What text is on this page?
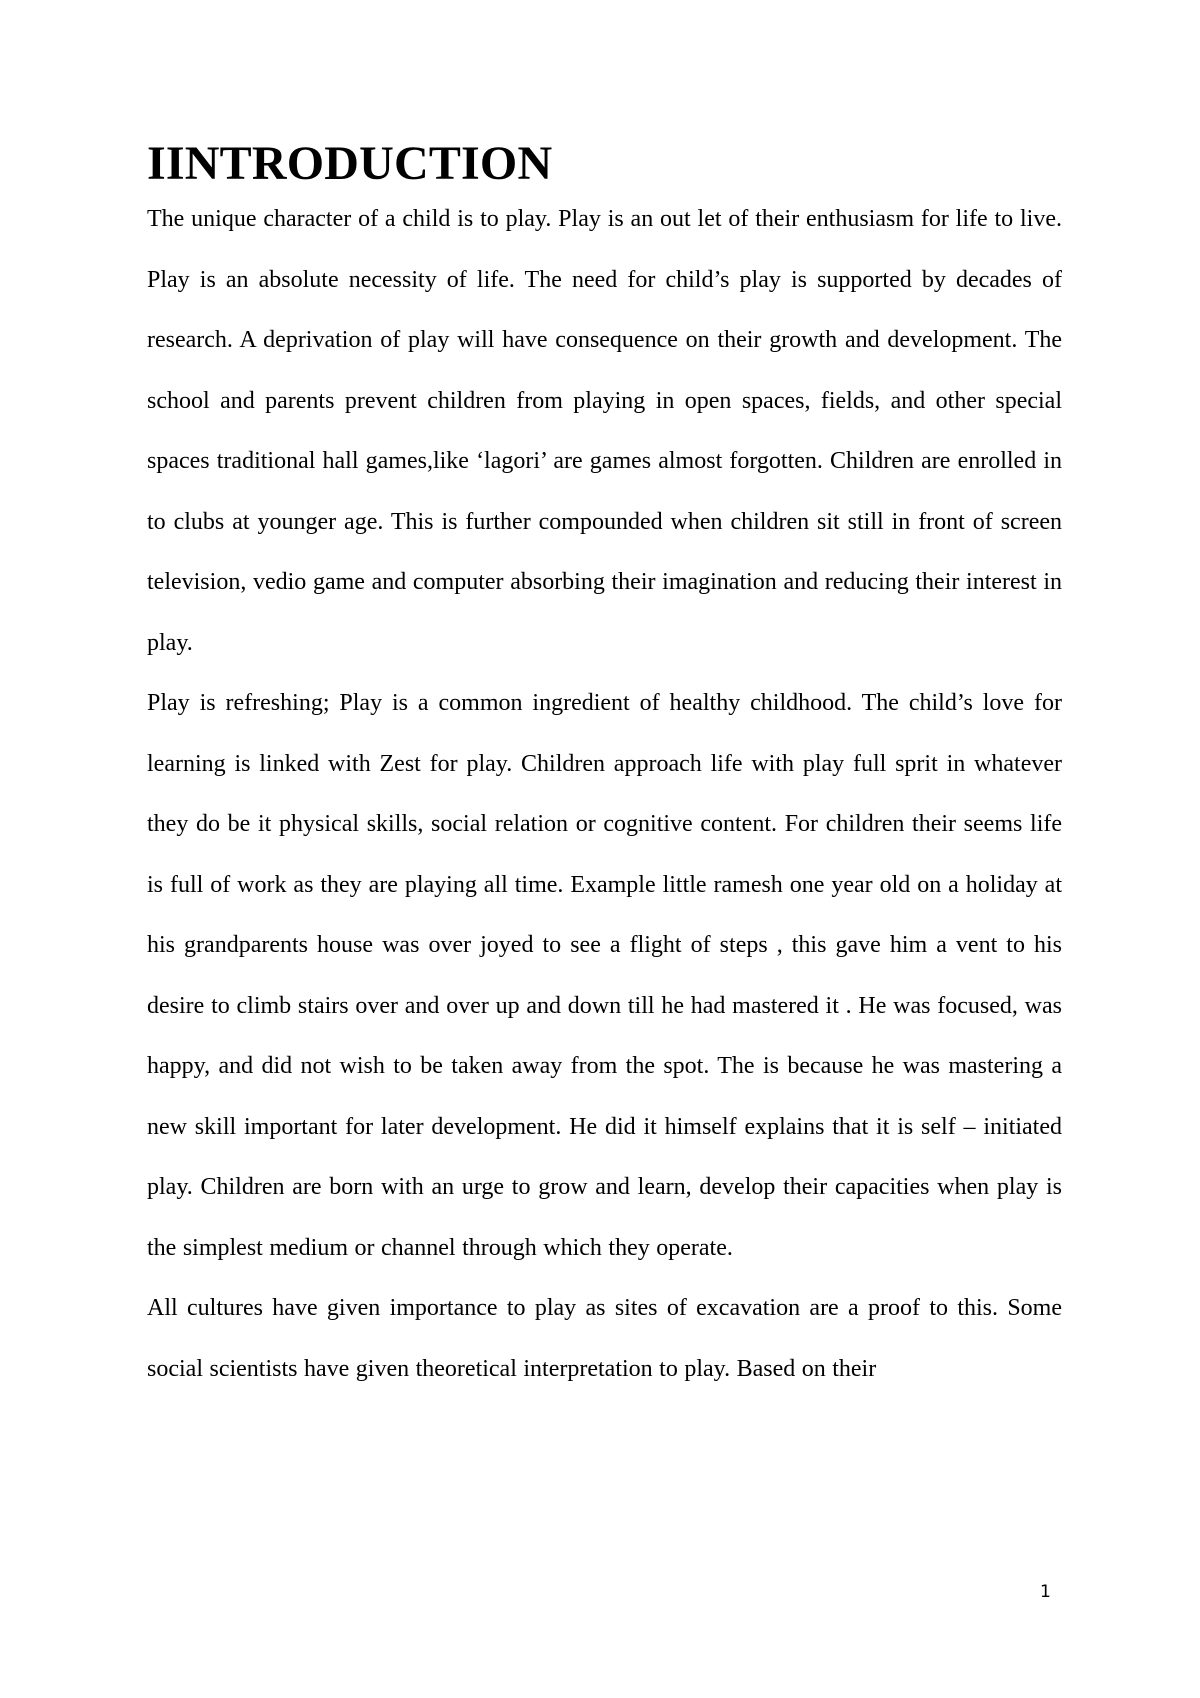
IINTRODUCTION

The unique character of a child is to play. Play is an out let of their enthusiasm for life to live. Play is an absolute necessity of life. The need for child’s play is supported by decades of research. A deprivation of play will have consequence on their growth and development. The school and parents prevent children from playing in open spaces, fields, and other special spaces traditional hall games,like ‘lagori’ are games almost forgotten. Children are enrolled in to clubs at younger age. This is further compounded when children sit still in front of screen television, vedio game and computer absorbing their imagination and reducing their interest in play.

Play is refreshing; Play is a common ingredient of healthy childhood. The child’s love for learning is linked with Zest for play. Children approach life with play full sprit in whatever they do be it physical skills, social relation or cognitive content. For children their seems life is full of work as they are playing all time. Example little ramesh one year old on a holiday at his grandparents house was over joyed to see a flight of steps , this gave him a vent to his desire to climb stairs over and over up and down till he had mastered it . He was focused, was happy, and did not wish to be taken away from the spot. The is because he was mastering a new skill important for later development. He did it himself explains that it is self – initiated play. Children are born with an urge to grow and learn, develop their capacities when play is the simplest medium or channel through which they operate.

All cultures have given importance to play as sites of excavation are a proof to this. Some social scientists have given theoretical interpretation to play. Based on their

1
